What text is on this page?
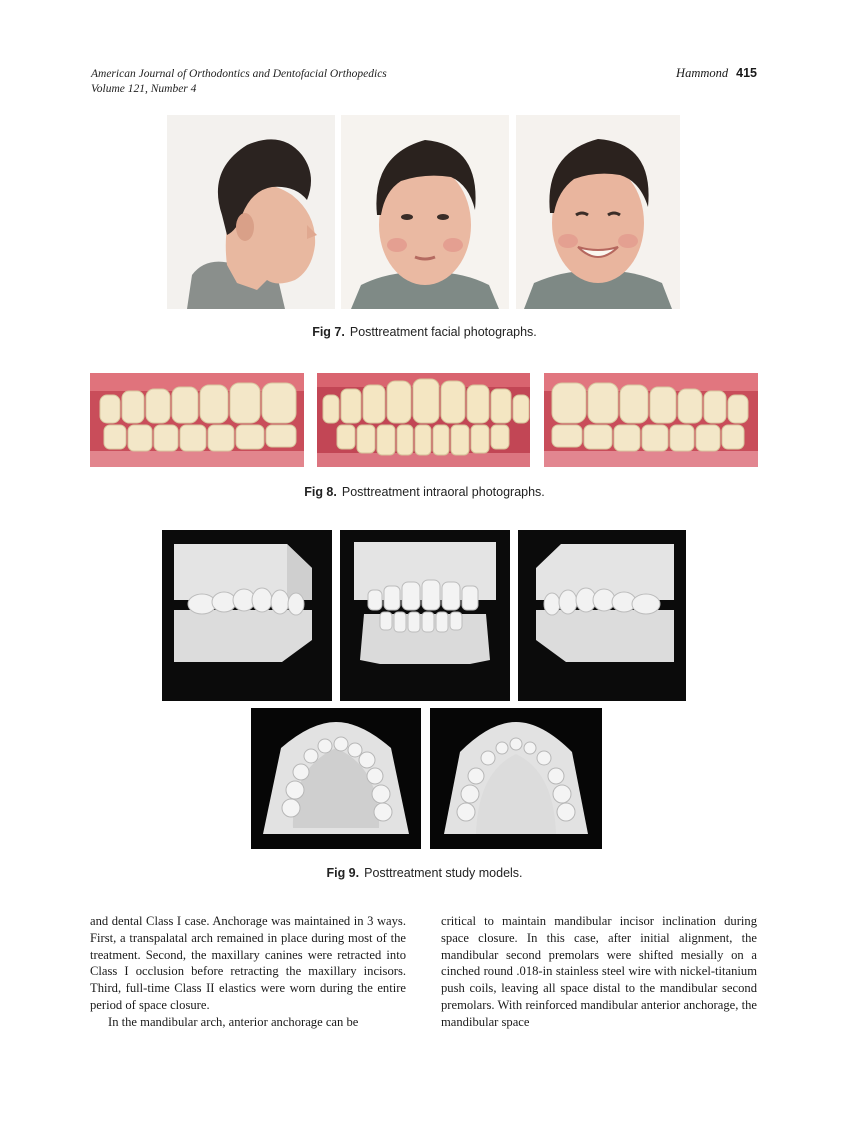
American Journal of Orthodontics and Dentofacial Orthopedics
Volume 121, Number 4
Hammond 415
Fig 7. Posttreatment facial photographs.
Fig 8. Posttreatment intraoral photographs.
Fig 9. Posttreatment study models.

and dental Class I case. Anchorage was maintained in 3 ways. First, a transpalatal arch remained in place during most of the treatment. Second, the maxillary canines were retracted into Class I occlusion before retracting the maxillary incisors. Third, full-time Class II elastics were worn during the entire period of space closure.

In the mandibular arch, anterior anchorage can be

critical to maintain mandibular incisor inclination during space closure. In this case, after initial alignment, the mandibular second premolars were shifted mesially on a cinched round .018-in stainless steel wire with nickel-titanium push coils, leaving all space distal to the mandibular second premolars. With reinforced mandibular anterior anchorage, the mandibular space
